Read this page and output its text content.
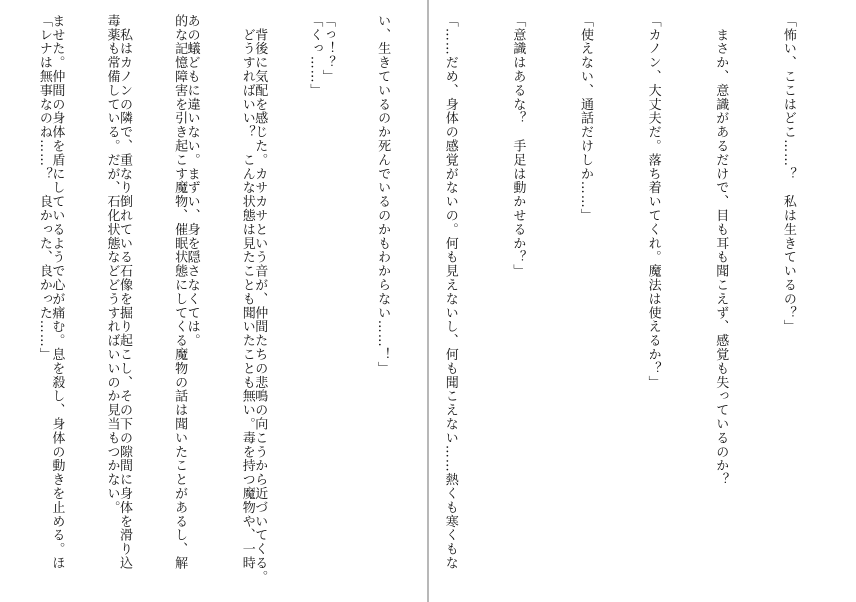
「っ！？」

　背後に気配を感じた。カサカサという音が、仲間たちの悲鳴の向こうから近づいてくる。

あの蟻どもに違いない。まずい、身を隠さなくては。

　私はカノンの隣で、重なり倒れている石像を掘り起こし、その下の隙間に身体を滑り込

ませた。仲間の身体を盾にしているようで心が痛む。息を殺し、身体の動きを止める。ほ

	「怖い、ここはどこ……？　私は生きているの？」

　まさか、意識があるだけで、目も耳も聞こえず、感覚も失っているのか？

「カノン、大丈夫だ。落ち着いてくれ。魔法は使えるか？」

「使えない、通話だけしか……」

「意識はあるな？　手足は動かせるか？」

「……だめ、身体の感覚がないの。何も見えないし、何も聞こえない……熱くも寒くもな

い、生きているのか死んでいるのかもわからない……！」

「くっ……」

　どうすればいい？　こんな状態は見たことも聞いたことも無い。毒を持つ魔物や、一時

的な記憶障害を引き起こす魔物、催眠状態にしてくる魔物の話は聞いたことがあるし、解

毒薬も常備している。だが、石化状態などどうすればいいのか見当もつかない。

「レナは無事なのね……？　良かった、良かった……」
